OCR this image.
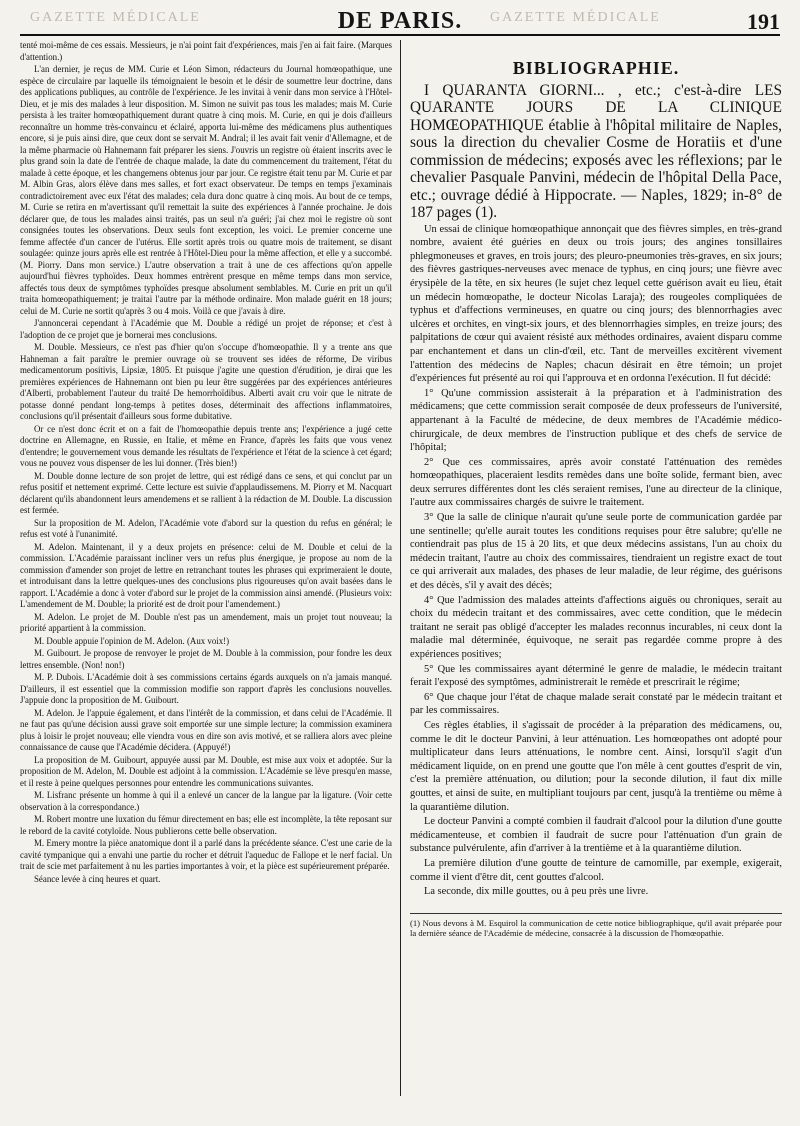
GAZETTE MÉDICALE	GAZETTE MÉDICALE
DE PARIS.	191

tenté moi-même de ces essais. Messieurs, je n'ai point fait d'expériences, mais j'en ai fait faire. (Marques d'attention.)

L'an dernier, je reçus de MM. Curie et Léon Simon, rédacteurs du Journal homœopathique, une espèce de circulaire par laquelle ils témoignaient le besoin et le désir de soumettre leur doctrine, dans des applications publiques, au contrôle de l'expérience. Je les invitai à venir dans mon service à l'Hôtel-Dieu, et je mis des malades à leur disposition. M. Simon ne suivit pas tous les malades; mais M. Curie persista à les traiter homœopathiquement durant quatre à cinq mois. M. Curie, en qui je dois d'ailleurs reconnaître un homme très-convaincu et éclairé, apporta lui-même des médicamens plus authentiques encore, si je puis ainsi dire, que ceux dont se servait M. Andral; il les avait fait venir d'Allemagne, et de la même pharmacie où Hahnemann fait préparer les siens. J'ouvris un registre où étaient inscrits avec le plus grand soin la date de l'entrée de chaque malade, la date du commencement du traitement, l'état du malade à cette époque, et les changemens obtenus jour par jour. Ce registre était tenu par M. Curie et par M. Albin Gras, alors élève dans mes salles, et fort exact observateur. De temps en temps j'examinais contradictoirement avec eux l'état des malades; cela dura donc quatre à cinq mois. Au bout de ce temps, M. Curie se retira en m'avertissant qu'il remettait la suite des expériences à l'année prochaine. Je dois déclarer que, de tous les malades ainsi traités, pas un seul n'a guéri; j'ai chez moi le registre où sont consignées toutes les observations. Deux seuls font exception, les voici. Le premier concerne une femme affectée d'un cancer de l'utérus. Elle sortit après trois ou quatre mois de traitement, se disant soulagée: quinze jours après elle est rentrée à l'Hôtel-Dieu pour la même affection, et elle y a succombé. (M. Piorry. Dans mon service.) L'autre observation a trait à une de ces affections qu'on appelle aujourd'hui fièvres typhoïdes. Deux hommes entrèrent presque en même temps dans mon service, affectés tous deux de symptômes typhoïdes presque absolument semblables. M. Curie en prit un qu'il traita homœopathiquement; je traitai l'autre par la méthode ordinaire. Mon malade guérit en 18 jours; celui de M. Curie ne sortit qu'après 3 ou 4 mois. Voilà ce que j'avais à dire.

J'annoncerai cependant à l'Académie que M. Double a rédigé un projet de réponse; et c'est à l'adoption de ce projet que je bornerai mes conclusions.

M. Double. Messieurs, ce n'est pas d'hier qu'on s'occupe d'homœopathie. Il y a trente ans que Hahneman a fait paraître le premier ouvrage où se trouvent ses idées de réforme, De viribus medicamentorum positivis, Lipsiæ, 1805. Et puisque j'agite une question d'érudition, je dirai que les premières expériences de Hahnemann ont bien pu leur être suggérées par des expériences antérieures d'Alberti, probablement l'auteur du traité De hemorrhoïdibus. Alberti avait cru voir que le nitrate de potasse donné pendant long-temps à petites doses, déterminait des affections inflammatoires, conclusions qu'il présentait d'ailleurs sous forme dubitative.

Or ce n'est donc écrit et on a fait de l'homœopathie depuis trente ans; l'expérience a jugé cette doctrine en Allemagne, en Russie, en Italie, et même en France, d'après les faits que vous venez d'entendre; le gouvernement vous demande les résultats de l'expérience et l'état de la science à cet égard; vous ne pouvez vous dispenser de les lui donner. (Très bien!)

M. Double donne lecture de son projet de lettre, qui est rédigé dans ce sens, et qui conclut par un refus positif et nettement exprimé. Cette lecture est suivie d'applaudissemens. M. Piorry et M. Nacquart déclarent qu'ils abandonnent leurs amendemens et se rallient à la rédaction de M. Double. La discussion est fermée.

Sur la proposition de M. Adelon, l'Académie vote d'abord sur la question du refus en général; le refus est voté à l'unanimité.

M. Adelon. Maintenant, il y a deux projets en présence: celui de M. Double et celui de la commission. L'Académie paraissant incliner vers un refus plus énergique, je propose au nom de la commission d'amender son projet de lettre en retranchant toutes les phrases qui exprimeraient le doute, et introduisant dans la lettre quelques-unes des conclusions plus rigoureuses qu'on avait basées dans le rapport. L'Académie a donc à voter d'abord sur le projet de la commission ainsi amendé. (Plusieurs voix: L'amendement de M. Double; la priorité est de droit pour l'amendement.)

M. Adelon. Le projet de M. Double n'est pas un amendement, mais un projet tout nouveau; la priorité appartient à la commission.

M. Double appuie l'opinion de M. Adelon. (Aux voix!)

M. Guibourt. Je propose de renvoyer le projet de M. Double à la commission, pour fondre les deux lettres ensemble. (Non! non!)

M. P. Dubois. L'Académie doit à ses commissions certains égards auxquels on n'a jamais manqué. D'ailleurs, il est essentiel que la commission modifie son rapport d'après les conclusions nouvelles. J'appuie donc la proposition de M. Guibourt.

M. Adelon. Je l'appuie également, et dans l'intérêt de la commission, et dans celui de l'Académie. Il ne faut pas qu'une décision aussi grave soit emportée sur une simple lecture; la commission examinera plus à loisir le projet nouveau; elle viendra vous en dire son avis motivé, et se ralliera alors avec pleine connaissance de cause que l'Académie décidera. (Appuyé!)

La proposition de M. Guibourt, appuyée aussi par M. Double, est mise aux voix et adoptée. Sur la proposition de M. Adelon, M. Double est adjoint à la commission. L'Académie se lève presqu'en masse, et il reste à peine quelques personnes pour entendre les communications suivantes.

M. Lisfranc présente un homme à qui il a enlevé un cancer de la langue par la ligature. (Voir cette observation à la correspondance.)

M. Robert montre une luxation du fémur directement en bas; elle est incomplète, la tête reposant sur le rebord de la cavité cotyloïde. Nous publierons cette belle observation.

M. Emery montre la pièce anatomique dont il a parlé dans la précédente séance. C'est une carie de la cavité tympanique qui a envahi une partie du rocher et détruit l'aqueduc de Fallope et le nerf facial. Un trait de scie met parfaitement à nu les parties importantes à voir, et la pièce est supérieurement préparée.

Séance levée à cinq heures et quart.

BIBLIOGRAPHIE.

I QUARANTA GIORNI... , etc.; c'est-à-dire LES QUARANTE JOURS DE LA CLINIQUE HOMŒOPATHIQUE établie à l'hôpital militaire de Naples, sous la direction du chevalier Cosme de Horatiis et d'une commission de médecins; exposés avec les réflexions; par le chevalier Pasquale Panvini, médecin de l'hôpital Della Pace, etc.; ouvrage dédié à Hippocrate. — Naples, 1829; in-8° de 187 pages (1).

Un essai de clinique homœopathique annonçait que des fièvres simples, en très-grand nombre, avaient été guéries en deux ou trois jours; des angines tonsillaires phlegmoneuses et graves, en trois jours; des pleuro-pneumonies très-graves, en six jours; des fièvres gastriques-nerveuses avec menace de typhus, en cinq jours; une fièvre avec érysipèle de la tête, en six heures (le sujet chez lequel cette guérison avait eu lieu, était un médecin homœopathe, le docteur Nicolas Laraja); des rougeoles compliquées de typhus et d'affections vermineuses, en quatre ou cinq jours; des blennorrhagies avec ulcères et orchites, en vingt-six jours, et des blennorrhagies simples, en treize jours; des palpitations de cœur qui avaient résisté aux méthodes ordinaires, avaient disparu comme par enchantement et dans un clin-d'œil, etc. Tant de merveilles excitèrent vivement l'attention des médecins de Naples; chacun désirait en être témoin; un projet d'expériences fut présenté au roi qui l'approuva et en ordonna l'exécution. Il fut décidé:

1° Qu'une commission assisterait à la préparation et à l'administration des médicamens; que cette commission serait composée de deux professeurs de l'université, appartenant à la Faculté de médecine, de deux membres de l'Académie médico-chirurgicale, de deux membres de l'instruction publique et des chefs de service de l'hôpital;

2° Que ces commissaires, après avoir constaté l'atténuation des remèdes homœopathiques, placeraient lesdits remèdes dans une boîte solide, fermant bien, avec deux serrures différentes dont les clés seraient remises, l'une au directeur de la clinique, l'autre aux commissaires chargés de suivre le traitement.

3° Que la salle de clinique n'aurait qu'une seule porte de communication gardée par une sentinelle; qu'elle aurait toutes les conditions requises pour être salubre; qu'elle ne contiendrait pas plus de 15 à 20 lits, et que deux médecins assistans, l'un au choix du médecin traitant, l'autre au choix des commissaires, tiendraient un registre exact de tout ce qui arriverait aux malades, des phases de leur maladie, de leur régime, des guérisons et des décès, s'il y avait des décès;

4° Que l'admission des malades atteints d'affections aiguës ou chroniques, serait au choix du médecin traitant et des commissaires, avec cette condition, que le médecin traitant ne serait pas obligé d'accepter les malades reconnus incurables, ni ceux dont la maladie mal déterminée, équivoque, ne serait pas regardée comme propre à des expériences positives;

5° Que les commissaires ayant déterminé le genre de maladie, le médecin traitant ferait l'exposé des symptômes, administrerait le remède et prescrirait le régime;

6° Que chaque jour l'état de chaque malade serait constaté par le médecin traitant et par les commissaires.

Ces règles établies, il s'agissait de procéder à la préparation des médicamens, ou, comme le dit le docteur Panvini, à leur atténuation. Les homœopathes ont adopté pour multiplicateur dans leurs atténuations, le nombre cent. Ainsi, lorsqu'il s'agit d'un médicament liquide, on en prend une goutte que l'on mêle à cent gouttes d'esprit de vin, c'est la première atténuation, ou dilution; pour la seconde dilution, il faut dix mille gouttes, et ainsi de suite, en multipliant toujours par cent, jusqu'à la trentième ou même à la quarantième dilution.

Le docteur Panvini a compté combien il faudrait d'alcool pour la dilution d'une goutte médicamenteuse, et combien il faudrait de sucre pour l'atténuation d'un grain de substance pulvérulente, afin d'arriver à la trentième et à la quarantième dilution.

La première dilution d'une goutte de teinture de camomille, par exemple, exigerait, comme il vient d'être dit, cent gouttes d'alcool.

La seconde, dix mille gouttes, ou à peu près une livre.

(1) Nous devons à M. Esquirol la communication de cette notice bibliographique, qu'il avait préparée pour la dernière séance de l'Académie de médecine, consacrée à la discussion de l'homœopathie.
